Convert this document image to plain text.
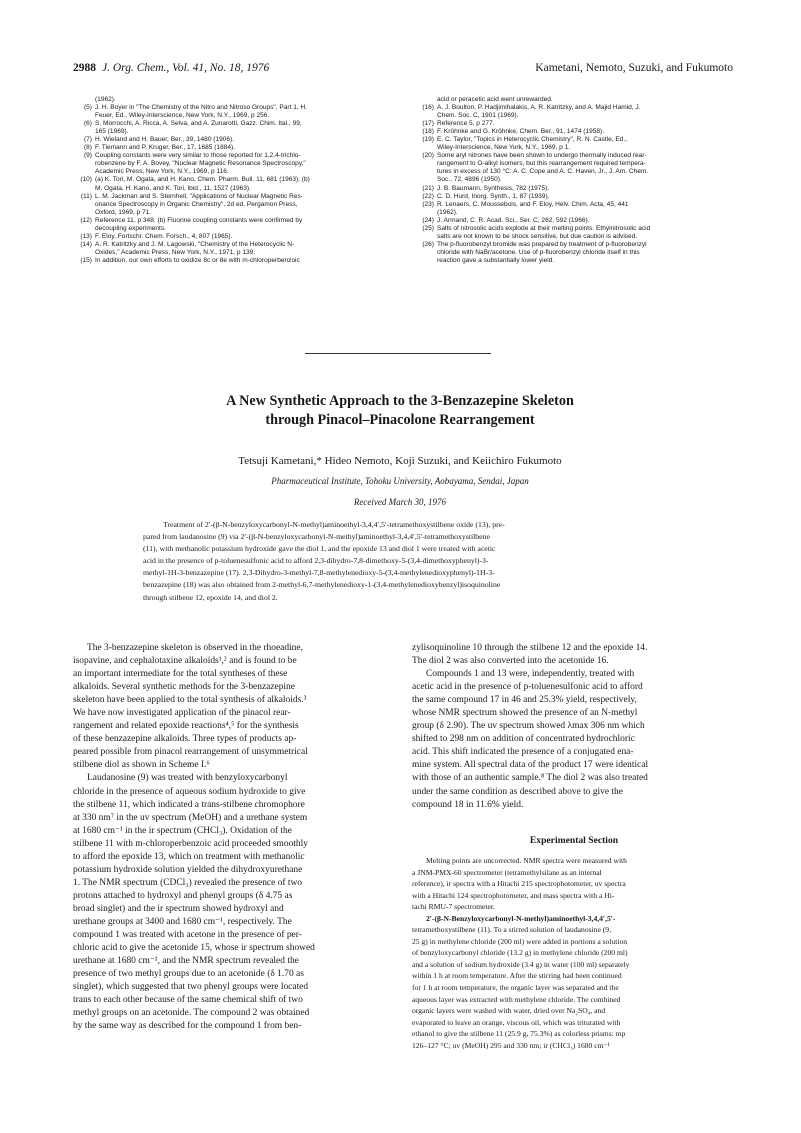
2988 J. Org. Chem., Vol. 41, No. 18, 1976	Kametani, Nemoto, Suzuki, and Fukumoto
(1962).
(5) J. H. Boyer in "The Chemistry of the Nitro and Nitroso Groups", Part 1, H.
Feuer, Ed., Wiley-Interscience, New York, N.Y., 1969, p 256.
(6) S. Morrocchi, A. Ricca, A. Selva, and A. Zunarotti, Gazz. Chim. Ital., 99,
165 (1969).
(7) H. Wieland and H. Bauer, Ber., 39, 1480 (1906).
(8) F. Tiemann and P. Kruger, Ber., 17, 1685 (1884).
(9) Coupling constants were very similar to those reported for 1,2,4-trichlo-
robenzene by F. A. Bovey, "Nuclear Magnetic Resonance Spectroscopy,"
Academic Press, New York, N.Y., 1969, p 116.
(10) (a) K. Tori, M. Ogata, and H. Kano, Chem. Pharm. Bull. 11, 681 (1963); (b)
M. Ogata, H. Kano, and K. Tori, ibid., 11, 1527 (1963).
(11) L. M. Jackman and S. Sternhell, "Applications of Nuclear Magnetic Res-
onance Spectroscopy in Organic Chemistry", 2d ed, Pergamon Press,
Oxford, 1969, p 71.
(12) Reference 11, p 348. (b) Fluorine coupling constants were confirmed by
decoupling experiments.
(13) F. Eloy, Fortschr. Chem. Forsch., 4, 807 (1965).
(14) A. R. Katritzky and J. M. Lagowski, "Chemistry of the Heterocyclic N-
Oxides," Academic Press, New York, N.Y., 1971, p 139.
(15) In addition, our own efforts to oxidize 8c or 8e with m-chloroperbenzoic
acid or peracetic acid went unrewarded.
(16) A. J. Boulton, P. Hadjimihalakis, A. R. Katritzky, and A. Majid Hamid, J.
Chem. Soc. C, 1901 (1969).
(17) Reference 5, p 277.
(18) F. Kröhnke and G. Kröhnke, Chem. Ber., 91, 1474 (1958).
(19) E. C. Taylor, "Topics in Heterocyclic Chemistry", R. N. Castle, Ed.,
Wiley-Interscience, New York, N.Y., 1969, p 1.
(20) Some aryl nitrones have been shown to undergo thermally induced rear-
rangement to O-alkyl isomers, but this rearrangement required tempera-
tures in excess of 130 °C: A. C. Cope and A. C. Haven, Jr., J. Am. Chem.
Soc., 72, 4896 (1950).
(21) J. B. Baumann, Synthesis, 782 (1975).
(22) C. D. Hurd, Inorg. Synth., 1, 87 (1939).
(23) R. Lenaers, C. Moussebois, and F. Eloy, Helv. Chim. Acta, 45, 441
(1962).
(24) J. Armand, C. R. Acad. Sci., Ser. C, 262, 592 (1966).
(25) Salts of nitrosolic acids explode at their melting points. Ethylnitrosolic acid
salts are not known to be shock sensitive, but due caution is advised.
(26) The p-fluorobenzyl bromide was prepared by treatment of p-fluorobenzyl
chloride with NaBr/acetone. Use of p-fluorobenzyl chloride itself in this
reaction gave a substantially lower yield.
A New Synthetic Approach to the 3-Benzazepine Skeleton
through Pinacol–Pinacolone Rearrangement
Tetsuji Kametani,* Hideo Nemoto, Koji Suzuki, and Keiichiro Fukumoto
Pharmaceutical Institute, Tohoku University, Aobayama, Sendai, Japan
Received March 30, 1976
Treatment of 2′-(β-N-benzyloxycarbonyl-N-methyl)aminoethyl-3,4,4′,5′-tetramethoxystilbene oxide (13), pre-
pared from laudanosine (9) via 2′-(β-N-benzyloxycarbonyl-N-methyl)aminoethyl-3,4,4′,5′-tetramethoxystilbene
(11), with methanolic potassium hydroxide gave the diol 1, and the epoxide 13 and diol 1 were treated with acetic
acid in the presence of p-toluenesulfonic acid to afford 2,3-dihydro-7,8-dimethoxy-5-(3,4-dimethoxyphenyl)-3-
methyl-1H-3-benzazepine (17). 2,3-Dihydro-3-methyl-7,8-methylenedioxy-5-(3,4-methylenedioxyphenyl)-1H-3-
benzazepine (18) was also obtained from 2-methyl-6,7-methylenedioxy-1-(3,4-methylenedioxybenzyl)isoquinoline
through stilbene 12, epoxide 14, and diol 2.
The 3-benzazepine skeleton is observed in the rhoeadine,
isopavine, and cephalotaxine alkaloids¹,² and is found to be
an important intermediate for the total syntheses of these
alkaloids. Several synthetic methods for the 3-benzazepine
skeleton have been applied to the total synthesis of alkaloids.³
We have now investigated application of the pinacol rear-
rangement and related epoxide reactions⁴,⁵ for the synthesis
of these benzazepine alkaloids. Three types of products ap-
peared possible from pinacol rearrangement of unsymmetrical
stilbene diol as shown in Scheme I.⁶
Laudanosine (9) was treated with benzyloxycarbonyl
chloride in the presence of aqueous sodium hydroxide to give
the stilbene 11, which indicated a trans-stilbene chromophore
at 330 nm⁷ in the uv spectrum (MeOH) and a urethane system
at 1680 cm⁻¹ in the ir spectrum (CHCl₃). Oxidation of the
stilbene 11 with m-chloroperbenzoic acid proceeded smoothly
to afford the epoxide 13, which on treatment with methanolic
potassium hydroxide solution yielded the dihydroxyurethane
1. The NMR spectrum (CDCl₃) revealed the presence of two
protons attached to hydroxyl and phenyl groups (δ 4.75 as
broad singlet) and the ir spectrum showed hydroxyl and
urethane groups at 3400 and 1680 cm⁻¹, respectively. The
compound 1 was treated with acetone in the presence of per-
chloric acid to give the acetonide 15, whose ir spectrum showed
urethane at 1680 cm⁻¹, and the NMR spectrum revealed the
presence of two methyl groups due to an acetonide (δ 1.70 as
singlet), which suggested that two phenyl groups were located
trans to each other because of the same chemical shift of two
methyl groups on an acetonide. The compound 2 was obtained
by the same way as described for the compound 1 from ben-
zylisoquinoline 10 through the stilbene 12 and the epoxide 14.
The diol 2 was also converted into the acetonide 16.
Compounds 1 and 13 were, independently, treated with
acetic acid in the presence of p-toluenesulfonic acid to afford
the same compound 17 in 46 and 25.3% yield, respectively,
whose NMR spectrum showed the presence of an N-methyl
group (δ 2.90). The uv spectrum showed λmax 306 nm which
shifted to 298 nm on addition of concentrated hydrochloric
acid. This shift indicated the presence of a conjugated ena-
mine system. All spectral data of the product 17 were identical
with those of an authentic sample.⁸ The diol 2 was also treated
under the same condition as described above to give the
compound 18 in 11.6% yield.
Experimental Section
Melting points are uncorrected. NMR spectra were measured with
a JNM-PMX-60 spectrometer (tetramethylsilane as an internal
reference), ir spectra with a Hitachi 215 spectrophotometer, uv spectra
with a Hitachi 124 spectrophotometer, and mass spectra with a Hi-
tachi RMU-7 spectrometer.
2′-(β-N-Benzyloxycarbonyl-N-methyl)aminoethyl-3,4,4′,5′-
tetramethoxystilbene (11). To a stirred solution of laudanosine (9,
25 g) in methylene chloride (200 ml) were added in portions a solution
of benzyloxycarbonyl chloride (13.2 g) in methylene chloride (200 ml)
and a solution of sodium hydroxide (3.4 g) in water (100 ml) separately
within 1 h at room temperature. After the stirring had been continued
for 1 h at room temperature, the organic layer was separated and the
aqueous layer was extracted with methylene chloride. The combined
organic layers were washed with water, dried over Na₂SO₄, and
evaporated to leave an orange, viscous oil, which was triturated with
ethanol to give the stilbene 11 (25.9 g, 75.3%) as colorless prisms: mp
126–127 °C; uv (MeOH) 295 and 330 nm; ir (CHCl₃) 1680 cm⁻¹
